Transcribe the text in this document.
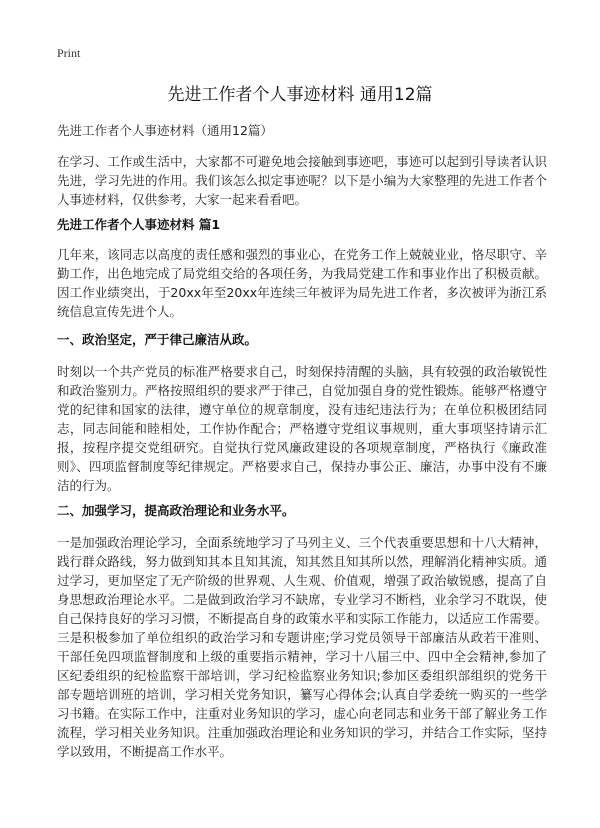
Print
先进工作者个人事迹材料 通用12篇

先进工作者个人事迹材料（通用12篇）

在学习、工作或生活中，大家都不可避免地会接触到事迹吧，事迹可以起到引导读者认识先进，学习先进的作用。我们该怎么拟定事迹呢？以下是小编为大家整理的先进工作者个人事迹材料，仅供参考，大家一起来看看吧。

先进工作者个人事迹材料 篇1

几年来，该同志以高度的责任感和强烈的事业心，在党务工作上兢兢业业，恪尽职守、辛勤工作，出色地完成了局党组交给的各项任务，为我局党建工作和事业作出了积极贡献。因工作业绩突出，于20xx年至20xx年连续三年被评为局先进工作者，多次被评为浙江系统信息宣传先进个人。

一、政治坚定，严于律己廉洁从政。

时刻以一个共产党员的标准严格要求自己，时刻保持清醒的头脑，具有较强的政治敏锐性和政治鉴别力。严格按照组织的要求严于律己，自觉加强自身的党性锻炼。能够严格遵守党的纪律和国家的法律，遵守单位的规章制度，没有违纪违法行为；在单位积极团结同志，同志间能和睦相处，工作协作配合；严格遵守党组议事规则，重大事项坚持请示汇报，按程序提交党组研究。自觉执行党风廉政建设的各项规章制度，严格执行《廉政准则》、四项监督制度等纪律规定。严格要求自己，保持办事公正、廉洁，办事中没有不廉洁的行为。

二、加强学习，提高政治理论和业务水平。

一是加强政治理论学习，全面系统地学习了马列主义、三个代表重要思想和十八大精神，践行群众路线，努力做到知其本且知其流，知其然且知其所以然，理解消化精神实质。通过学习，更加坚定了无产阶级的世界观、人生观、价值观，增强了政治敏锐感，提高了自身思想政治理论水平。二是做到政治学习不缺席，专业学习不断档，业余学习不耽误，使自己保持良好的学习习惯，不断提高自身的政策水平和实际工作能力，以适应工作需要。三是积极参加了单位组织的政治学习和专题讲座;学习党员领导干部廉洁从政若干准则、干部任免四项监督制度和上级的重要指示精神，学习十八届三中、四中全会精神,参加了区纪委组织的纪检监察干部培训，学习纪检监察业务知识;参加区委组织部组织的党务干部专题培训班的培训，学习相关党务知识，纂写心得体会;认真自学委统一购买的一些学习书籍。在实际工作中，注重对业务知识的学习，虚心向老同志和业务干部了解业务工作流程，学习相关业务知识。注重加强政治理论和业务知识的学习，并结合工作实际，坚持学以致用，不断提高工作水平。
